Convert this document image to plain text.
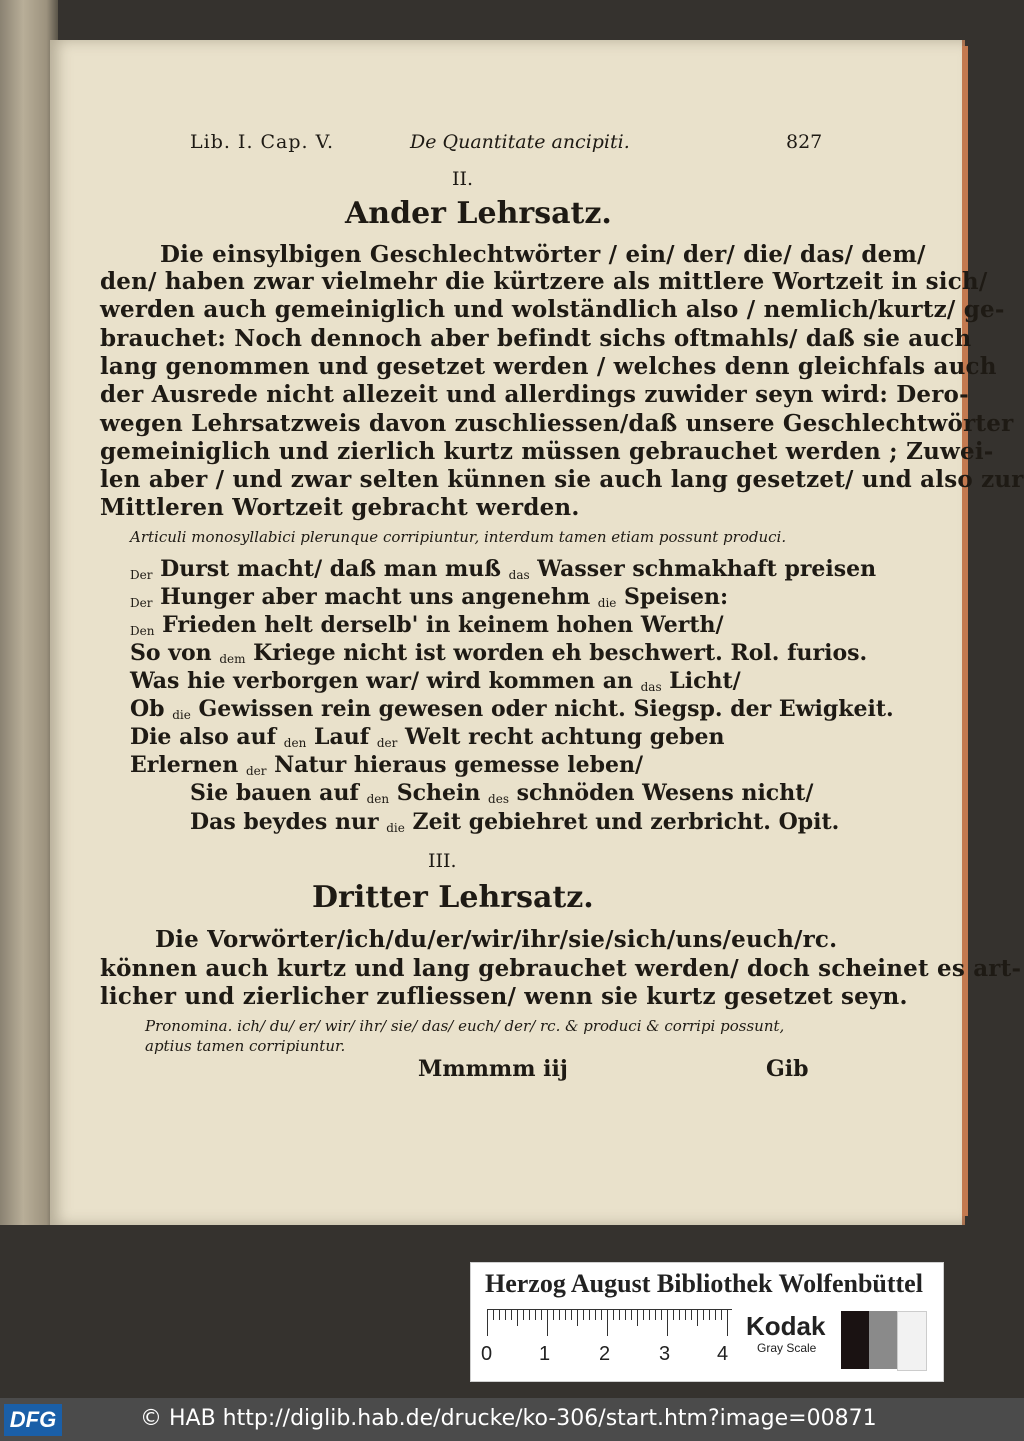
Lib. I. Cap. V.	De Quantitate ancipiti.	827
II.
Ander Lehrsatz.
Die einsylbigen Geschlechtwörter / ein/ der/ die/ das/ dem/
den/ haben zwar vielmehr die kürtzere als mittlere Wortzeit in sich/
werden auch gemeiniglich und wolständlich also / nemlich/kurtz/ ge-
brauchet: Noch dennoch aber befindt sichs oftmahls/ daß sie auch
lang genommen und gesetzet werden / welches denn gleichfals auch
der Ausrede nicht allezeit und allerdings zuwider seyn wird: Dero-
wegen Lehrsatzweis davon zuschliessen/daß unsere Geschlechtwörter
gemeiniglich und zierlich kurtz müssen gebrauchet werden ; Zuwei-
len aber / und zwar selten künnen sie auch lang gesetzet/ und also zur
Mittleren Wortzeit gebracht werden.
Articuli monosyllabici plerunque corripiuntur, interdum tamen etiam possunt produci.
Der Durst macht/ daß man muß das Wasser schmakhaft preisen
Der Hunger aber macht uns angenehm die Speisen:
Den Frieden helt derselb' in keinem hohen Werth/
So von dem Kriege nicht ist worden eh beschwert. Rol. furios.
Was hie verborgen war/ wird kommen an das Licht/
Ob die Gewissen rein gewesen oder nicht. Siegsp. der Ewigkeit.
Die also auf den Lauf der Welt recht achtung geben
Erlernen der Natur hieraus gemesse leben/
Sie bauen auf den Schein des schnöden Wesens nicht/
Das beydes nur die Zeit gebiehret und zerbricht. Opit.
III.
Dritter Lehrsatz.
Die Vorwörter/ich/du/er/wir/ihr/sie/sich/uns/euch/rc.
können auch kurtz und lang gebrauchet werden/ doch scheinet es art-
licher und zierlicher zufliessen/ wenn sie kurtz gesetzet seyn.
Pronomina. ich/ du/ er/ wir/ ihr/ sie/ das/ euch/ der/ rc. & produci & corripi possunt,
aptius tamen corripiuntur.
Mmmmm iij	Gib
Herzog August Bibliothek Wolfenbüttel
0 1 2 3 4
Kodak
Gray Scale
DFG	© HAB http://diglib.hab.de/drucke/ko-306/start.htm?image=00871
